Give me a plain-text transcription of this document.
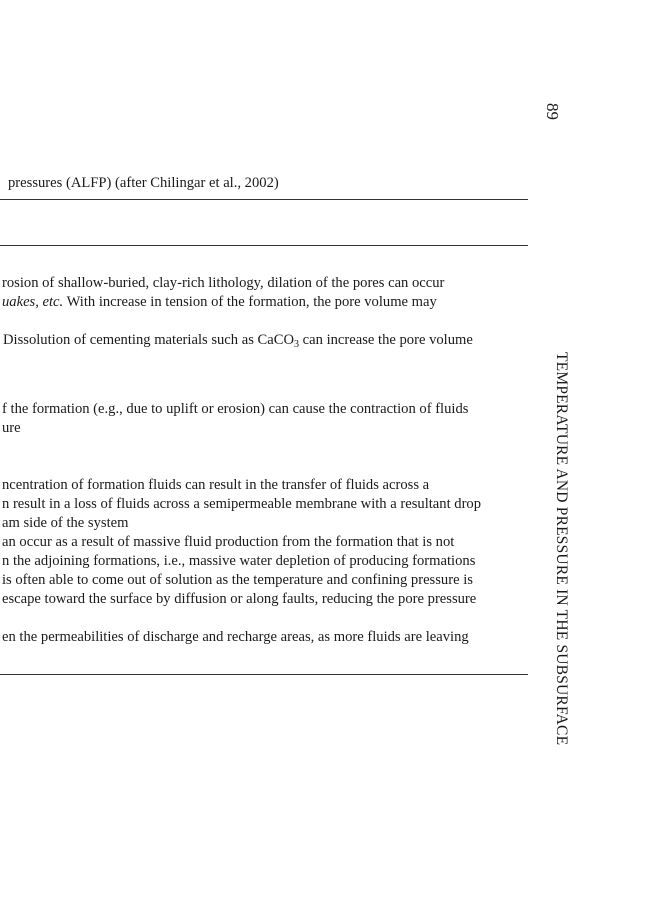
89
TEMPERATURE AND PRESSURE IN THE SUBSURFACE
pressures (ALFP) (after Chilingar et al., 2002)
rosion of shallow-buried, clay-rich lithology, dilation of the pores can occur
uakes, etc. With increase in tension of the formation, the pore volume may
Dissolution of cementing materials such as CaCO$_3$ can increase the pore volume
f the formation (e.g., due to uplift or erosion) can cause the contraction of fluids
ure
ncentration of formation fluids can result in the transfer of fluids across a
n result in a loss of fluids across a semipermeable membrane with a resultant drop
am side of the system
an occur as a result of massive fluid production from the formation that is not
n the adjoining formations, i.e., massive water depletion of producing formations
is often able to come out of solution as the temperature and confining pressure is
escape toward the surface by diffusion or along faults, reducing the pore pressure
en the permeabilities of discharge and recharge areas, as more fluids are leaving
